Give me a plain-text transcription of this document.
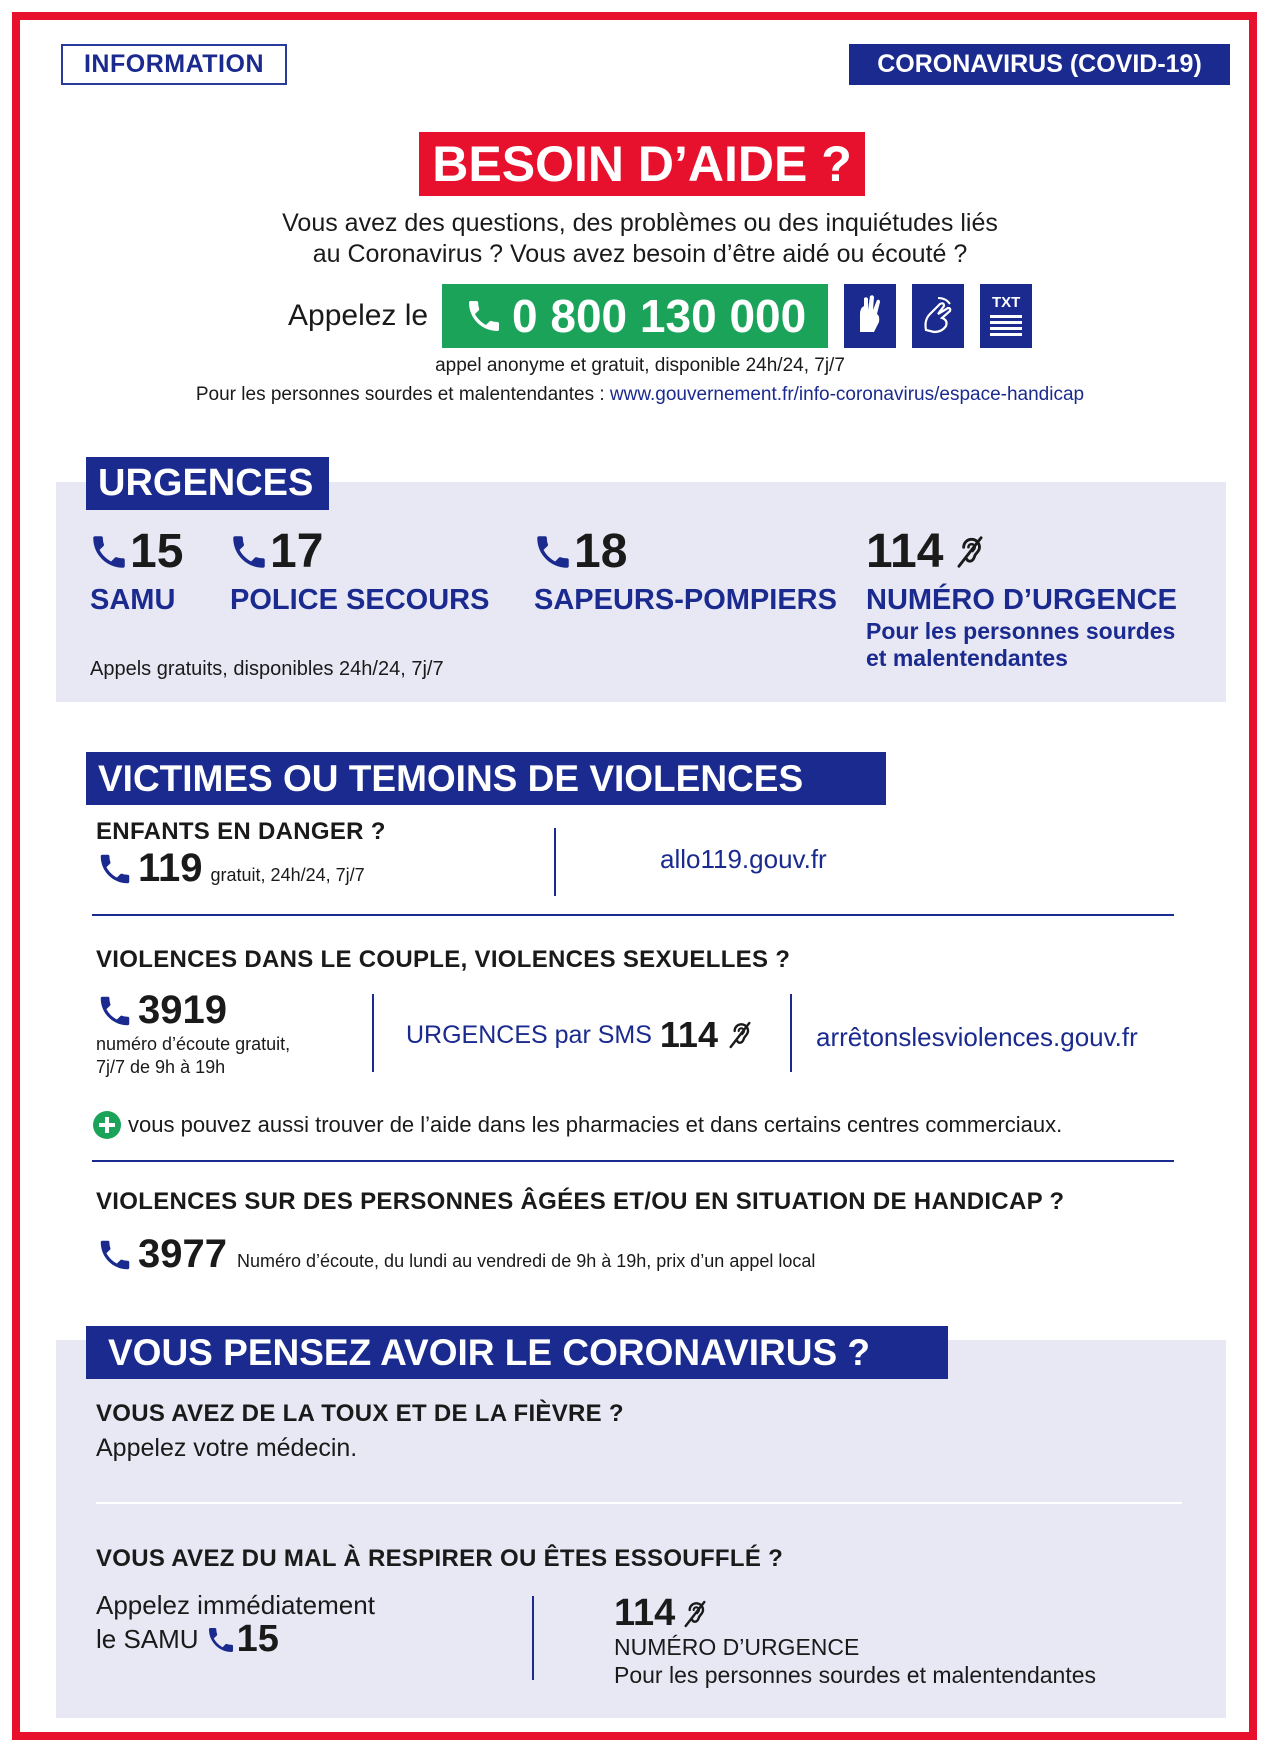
INFORMATION	CORONAVIRUS (COVID-19)
BESOIN D’AIDE ?
Vous avez des questions, des problèmes ou des inquiétudes liés
au Coronavirus ? Vous avez besoin d’être aidé ou écouté ?
Appelez le 0 800 130 000	TXT
appel anonyme et gratuit, disponible 24h/24, 7j/7
Pour les personnes sourdes et malentendantes : www.gouvernement.fr/info-coronavirus/espace-handicap
URGENCES
15
SAMU
17
POLICE SECOURS
18
SAPEURS-POMPIERS
114
NUMÉRO D’URGENCE
Pour les personnes sourdes et malentendantes
Appels gratuits, disponibles 24h/24, 7j/7
VICTIMES OU TEMOINS DE VIOLENCES
ENFANTS EN DANGER ?
119 gratuit, 24h/24, 7j/7
allo119.gouv.fr
VIOLENCES DANS LE COUPLE, VIOLENCES SEXUELLES ?
3919
numéro d’écoute gratuit,
7j/7 de 9h à 19h
URGENCES par SMS 114	arrêtonslesviolences.gouv.fr
vous pouvez aussi trouver de l’aide dans les pharmacies et dans certains centres commerciaux.
VIOLENCES SUR DES PERSONNES ÂGÉES ET/OU EN SITUATION DE HANDICAP ?
3977 Numéro d’écoute, du lundi au vendredi de 9h à 19h, prix d’un appel local
VOUS PENSEZ AVOIR LE CORONAVIRUS ?
VOUS AVEZ DE LA TOUX ET DE LA FIÈVRE ?
Appelez votre médecin.
VOUS AVEZ DU MAL À RESPIRER OU ÊTES ESSOUFFLÉ ?
Appelez immédiatement
le SAMU 15
114
NUMÉRO D’URGENCE
Pour les personnes sourdes et malentendantes
